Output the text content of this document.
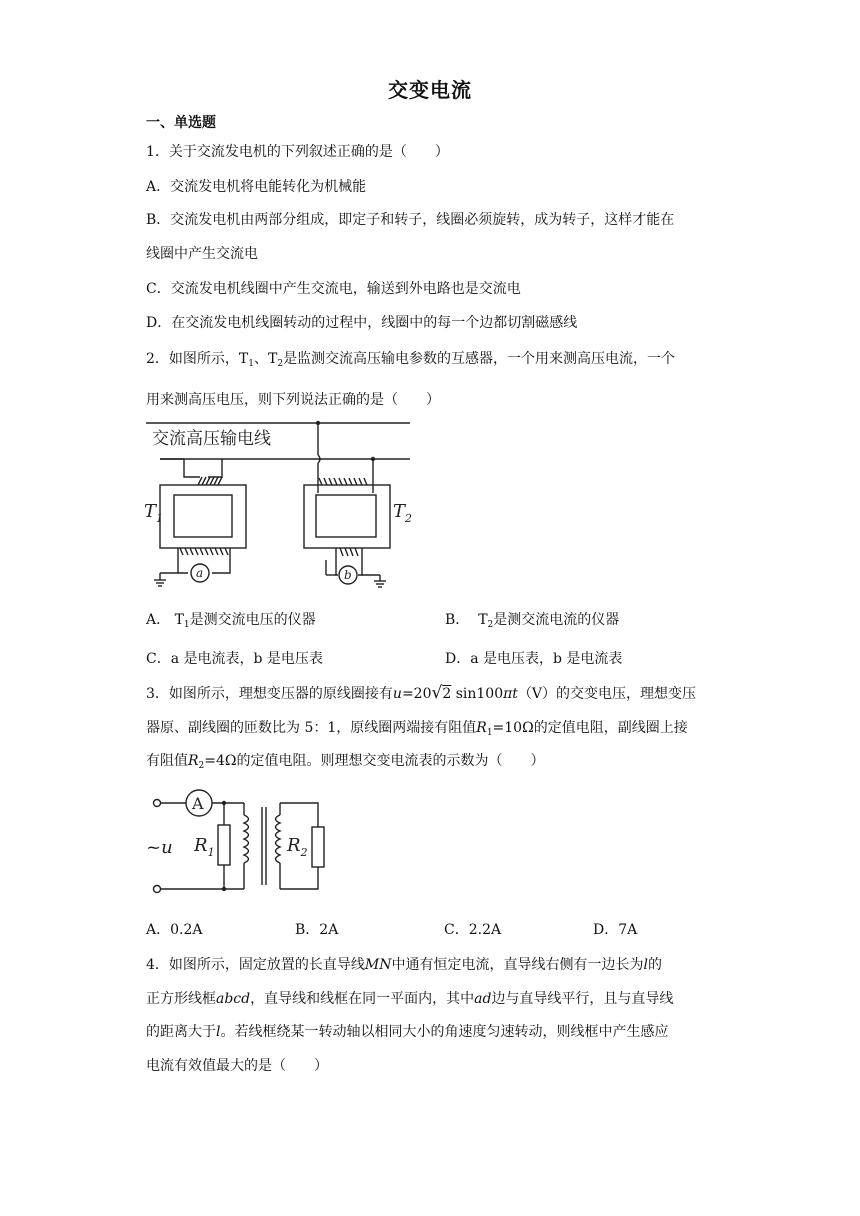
交变电流
一、单选题
1．关于交流发电机的下列叙述正确的是（　　）
A．交流发电机将电能转化为机械能
B．交流发电机由两部分组成，即定子和转子，线圈必须旋转，成为转子，这样才能在
线圈中产生交流电
C．交流发电机线圈中产生交流电，输送到外电路也是交流电
D．在交流发电机线圈转动的过程中，线圈中的每一个边都切割磁感线
2．如图所示，$T_1$、$T_2$是监测交流高压输电参数的互感器，一个用来测高压电流，一个
用来测高压电压，则下列说法正确的是（　　）
交流高压输电线
$T_1$	$T_2$
a	b
A． $T_1$是测交流电压的仪器	B． $T_2$是测交流电流的仪器
C．a 是电流表，b 是电压表	D．a 是电压表，b 是电流表
3．如图所示，理想变压器的原线圈接有u=20√2 sin100πt（V）的交变电压，理想变压
器原、副线圈的匝数比为 5：1，原线圈两端接有阻值$R_1=10\Omega$的定值电阻，副线圈上接
有阻值$R_2=4\Omega$的定值电阻。则理想交变电流表的示数为（　　）
A
~u $R_1$	$R_2$
A．0.2A	B．2A	C．2.2A	D．7A
4．如图所示，固定放置的长直导线MN中通有恒定电流，直导线右侧有一边长为l的
正方形线框abcd，直导线和线框在同一平面内，其中ad边与直导线平行，且与直导线
的距离大于l。若线框绕某一转动轴以相同大小的角速度匀速转动，则线框中产生感应
电流有效值最大的是（　　）
